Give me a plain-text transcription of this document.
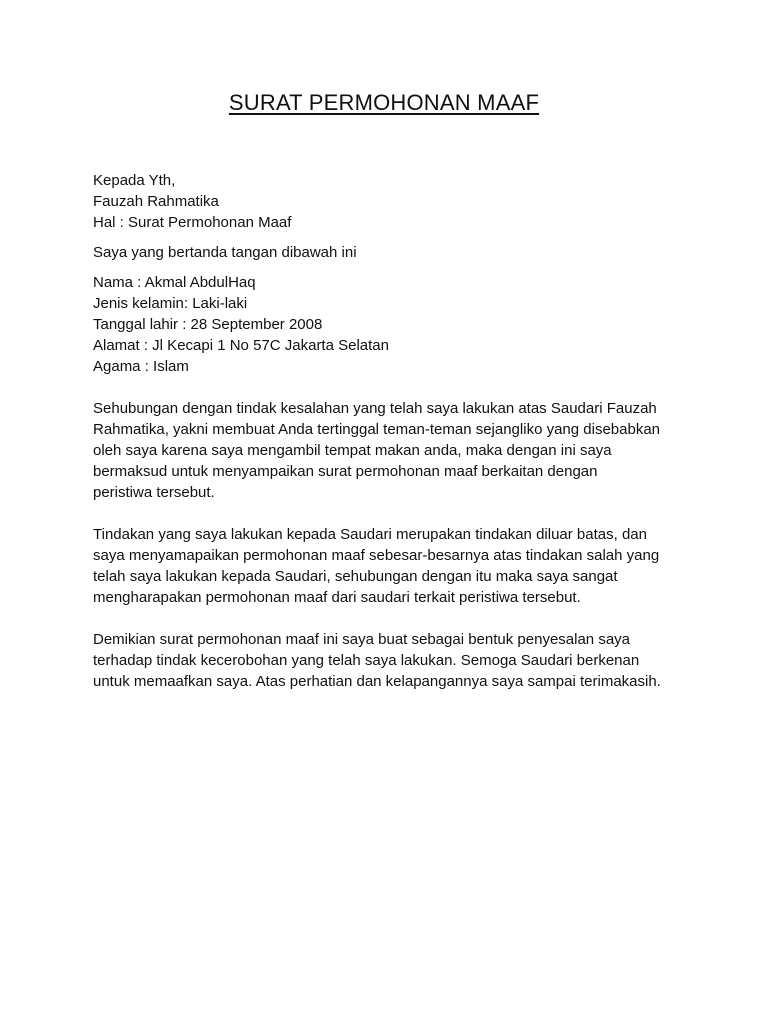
SURAT PERMOHONAN MAAF
Kepada Yth,
Fauzah Rahmatika
Hal : Surat Permohonan Maaf
Saya yang bertanda tangan dibawah ini
Nama : Akmal AbdulHaq
Jenis kelamin: Laki-laki
Tanggal lahir : 28 September 2008
Alamat : Jl Kecapi 1 No 57C Jakarta Selatan
Agama : Islam
Sehubungan dengan tindak kesalahan yang telah saya lakukan atas Saudari Fauzah
Rahmatika, yakni membuat Anda tertinggal teman-teman sejangliko yang disebabkan
oleh saya karena saya mengambil tempat makan anda, maka dengan ini saya
bermaksud untuk menyampaikan surat permohonan maaf berkaitan dengan
peristiwa tersebut.
Tindakan yang saya lakukan kepada Saudari merupakan tindakan diluar batas, dan
saya menyamapaikan permohonan maaf sebesar-besarnya atas tindakan salah yang
telah saya lakukan kepada Saudari, sehubungan dengan itu maka saya sangat
mengharapakan permohonan maaf dari saudari terkait peristiwa tersebut.
Demikian surat permohonan maaf ini saya buat sebagai bentuk penyesalan saya
terhadap tindak kecerobohan yang telah saya lakukan. Semoga Saudari berkenan
untuk memaafkan saya. Atas perhatian dan kelapangannya saya sampai terimakasih.
